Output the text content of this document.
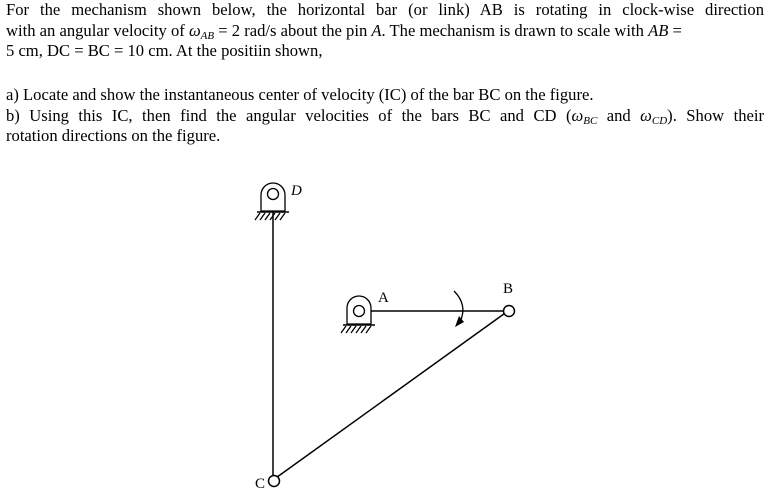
For the mechanism shown below, the horizontal bar (or link) AB is rotating in clock-wise direction
with an angular velocity of $\omega_{AB} = 2$ rad/s about the pin A. The mechanism is drawn to scale with AB =
5 cm, DC = BC = 10 cm. At the positiin shown,
a) Locate and show the instantaneous center of velocity (IC) of the bar BC on the figure.
b) Using this IC, then find the angular velocities of the bars BC and CD ($\omega_{BC}$ and $\omega_{CD}$). Show their
rotation directions on the figure.
D
A
B
C
